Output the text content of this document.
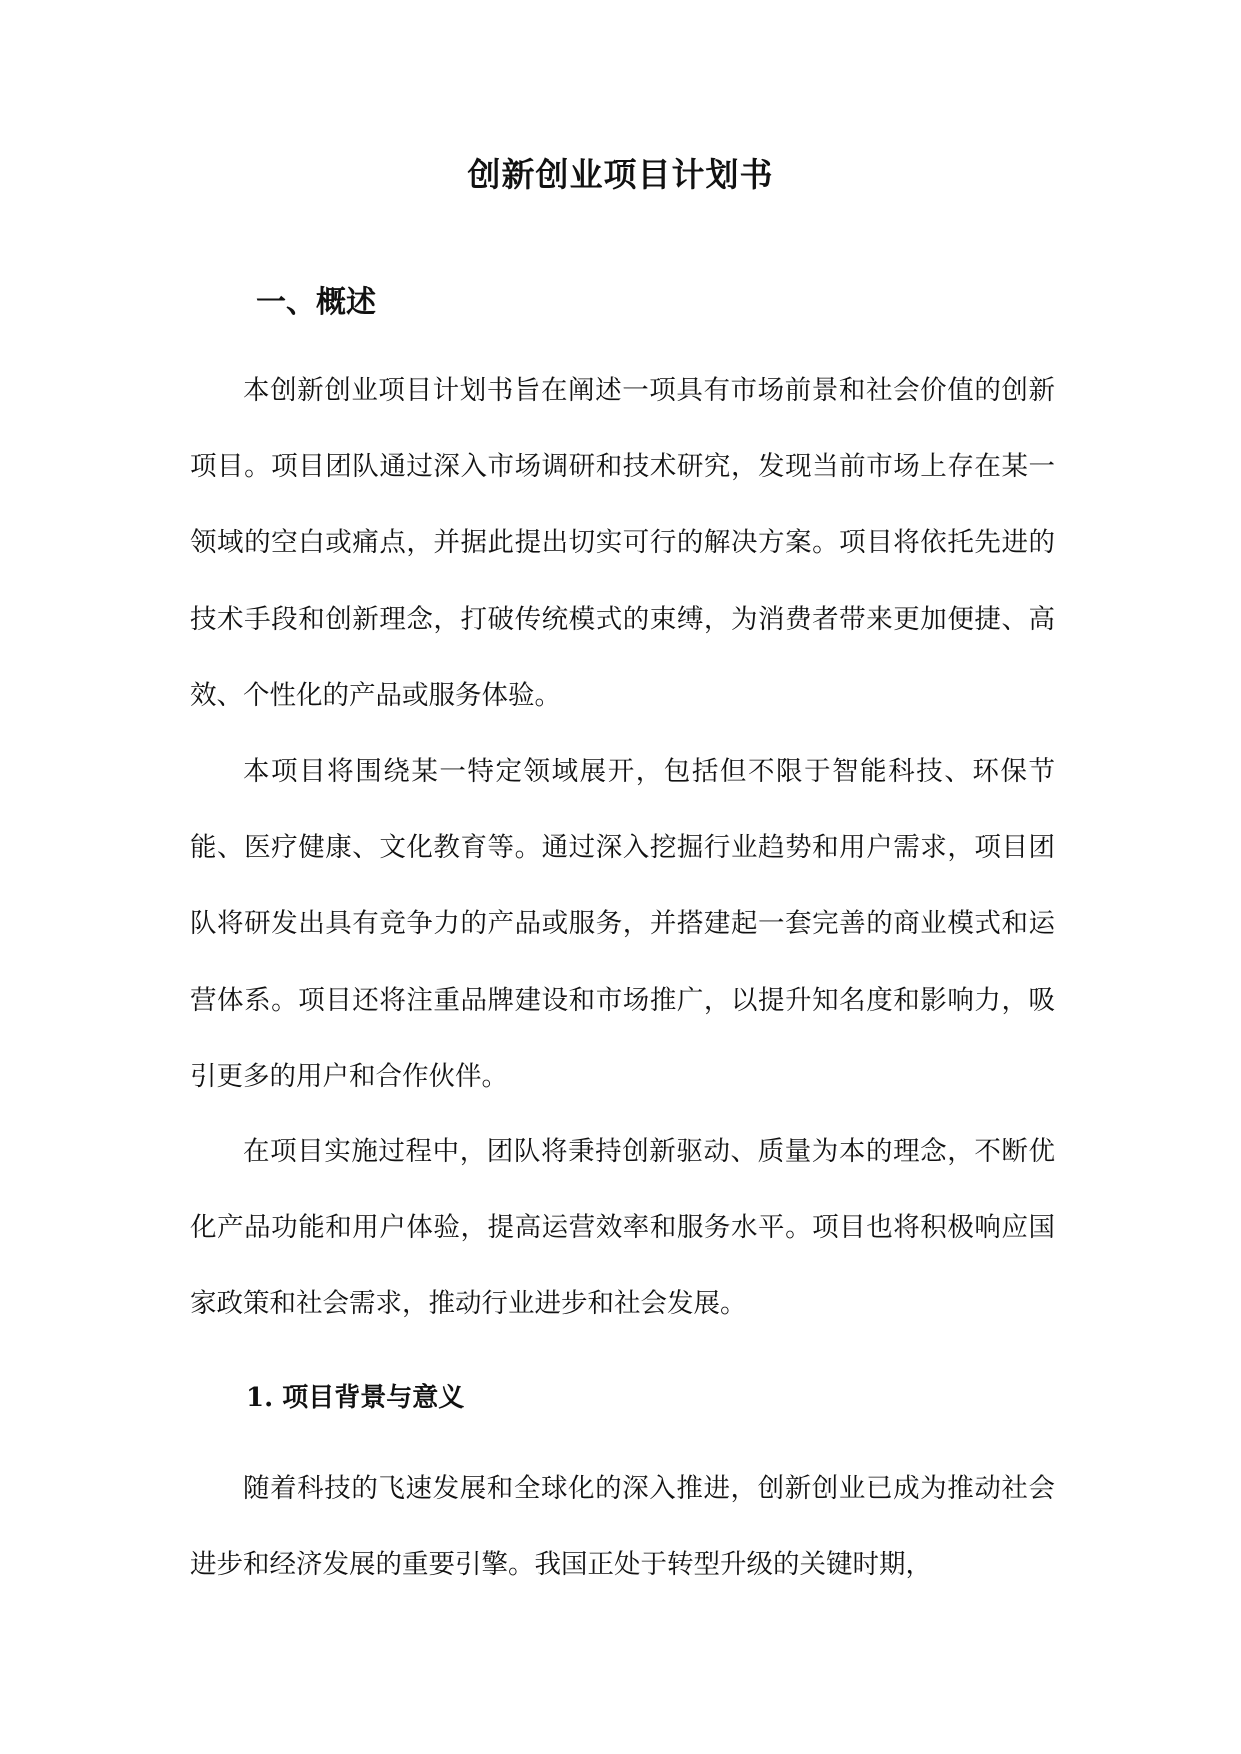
创新创业项目计划书
一、概述

本创新创业项目计划书旨在阐述一项具有市场前景和社会价值的创新项目。项目团队通过深入市场调研和技术研究，发现当前市场上存在某一领域的空白或痛点，并据此提出切实可行的解决方案。项目将依托先进的技术手段和创新理念，打破传统模式的束缚，为消费者带来更加便捷、高效、个性化的产品或服务体验。

本项目将围绕某一特定领域展开，包括但不限于智能科技、环保节能、医疗健康、文化教育等。通过深入挖掘行业趋势和用户需求，项目团队将研发出具有竞争力的产品或服务，并搭建起一套完善的商业模式和运营体系。项目还将注重品牌建设和市场推广，以提升知名度和影响力，吸引更多的用户和合作伙伴。

在项目实施过程中，团队将秉持创新驱动、质量为本的理念，不断优化产品功能和用户体验，提高运营效率和服务水平。项目也将积极响应国家政策和社会需求，推动行业进步和社会发展。

1. 项目背景与意义

随着科技的飞速发展和全球化的深入推进，创新创业已成为推动社会进步和经济发展的重要引擎。我国正处于转型升级的关键时期，
